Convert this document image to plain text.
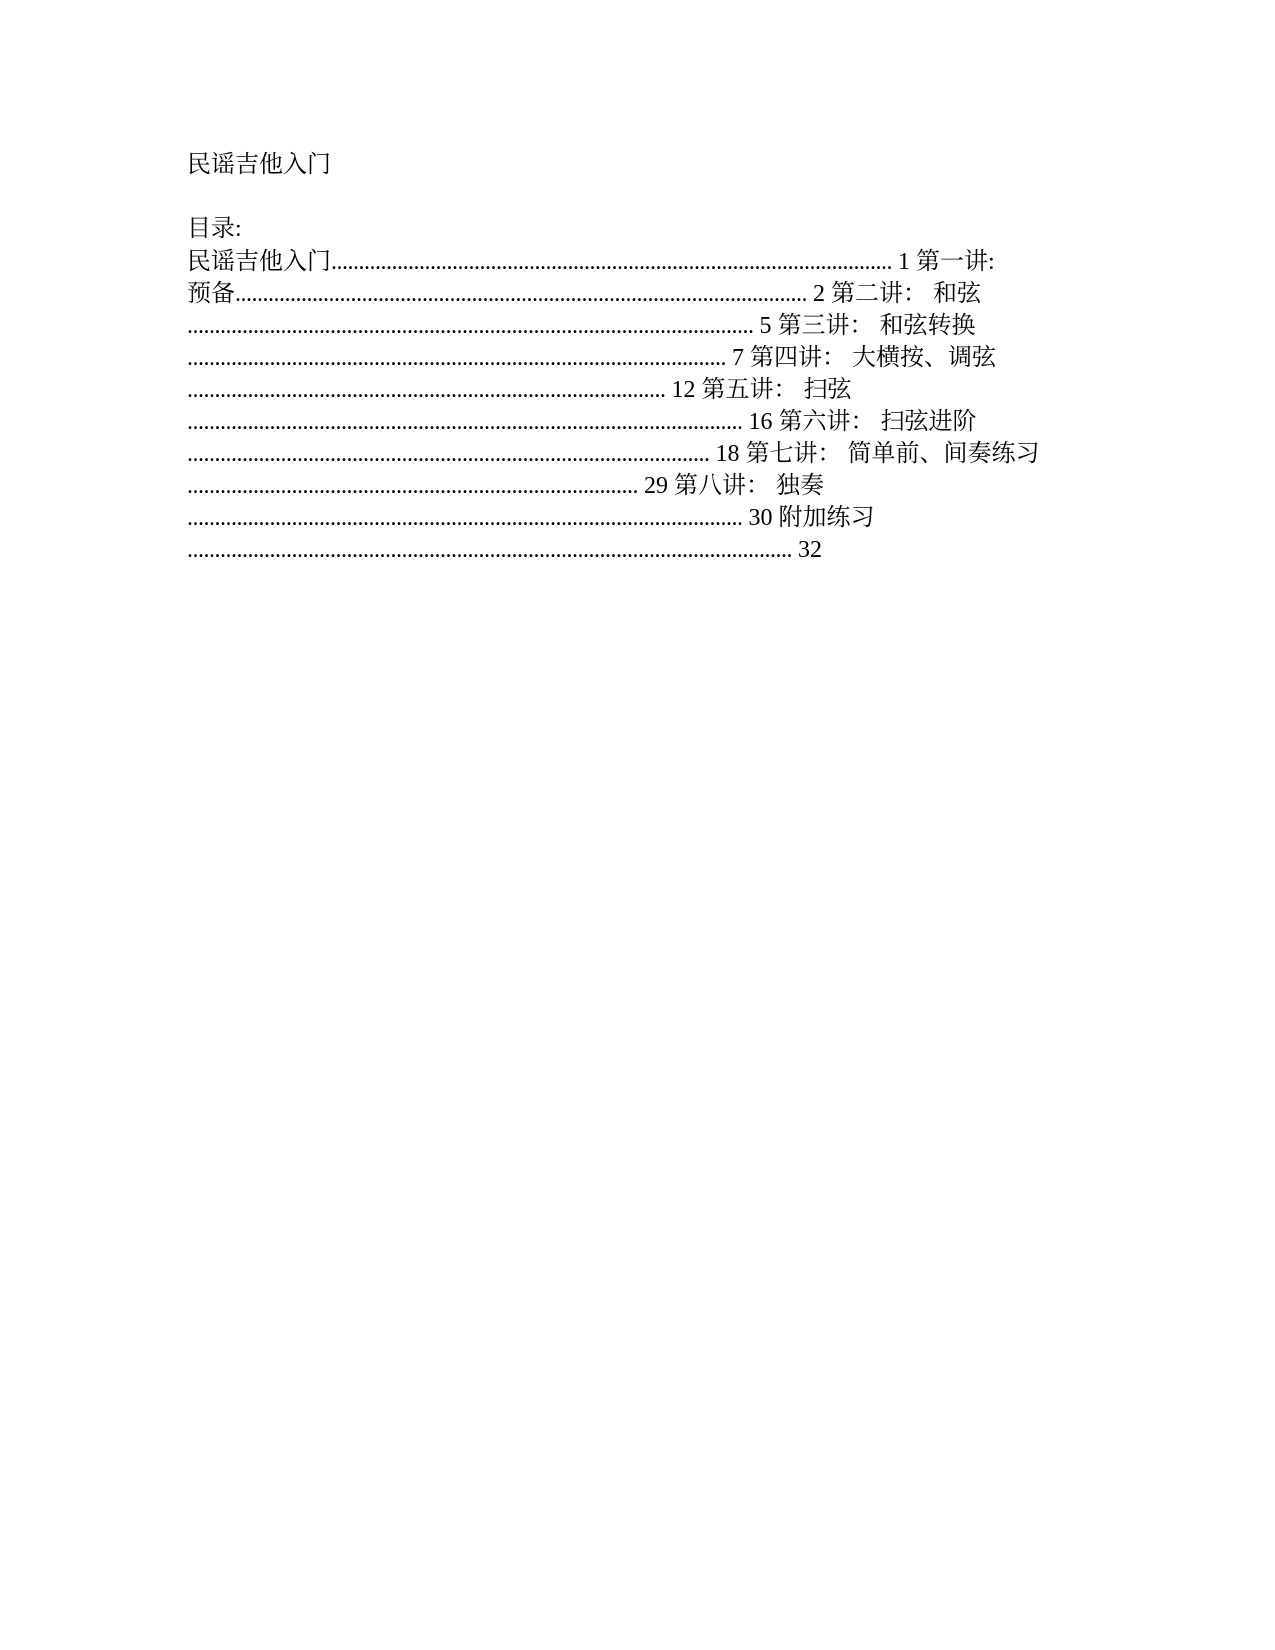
民谣吉他入门
目录:
民谣吉他入门...................................................................................................... 1 第一讲:
预备........................................................................................................ 2 第二讲： 和弦
....................................................................................................... 5 第三讲： 和弦转换
.................................................................................................. 7 第四讲： 大横按、调弦
....................................................................................... 12 第五讲： 扫弦
..................................................................................................... 16 第六讲： 扫弦进阶
............................................................................................... 18 第七讲： 简单前、间奏练习
.................................................................................. 29 第八讲： 独奏
..................................................................................................... 30 附加练习
.............................................................................................................. 32
